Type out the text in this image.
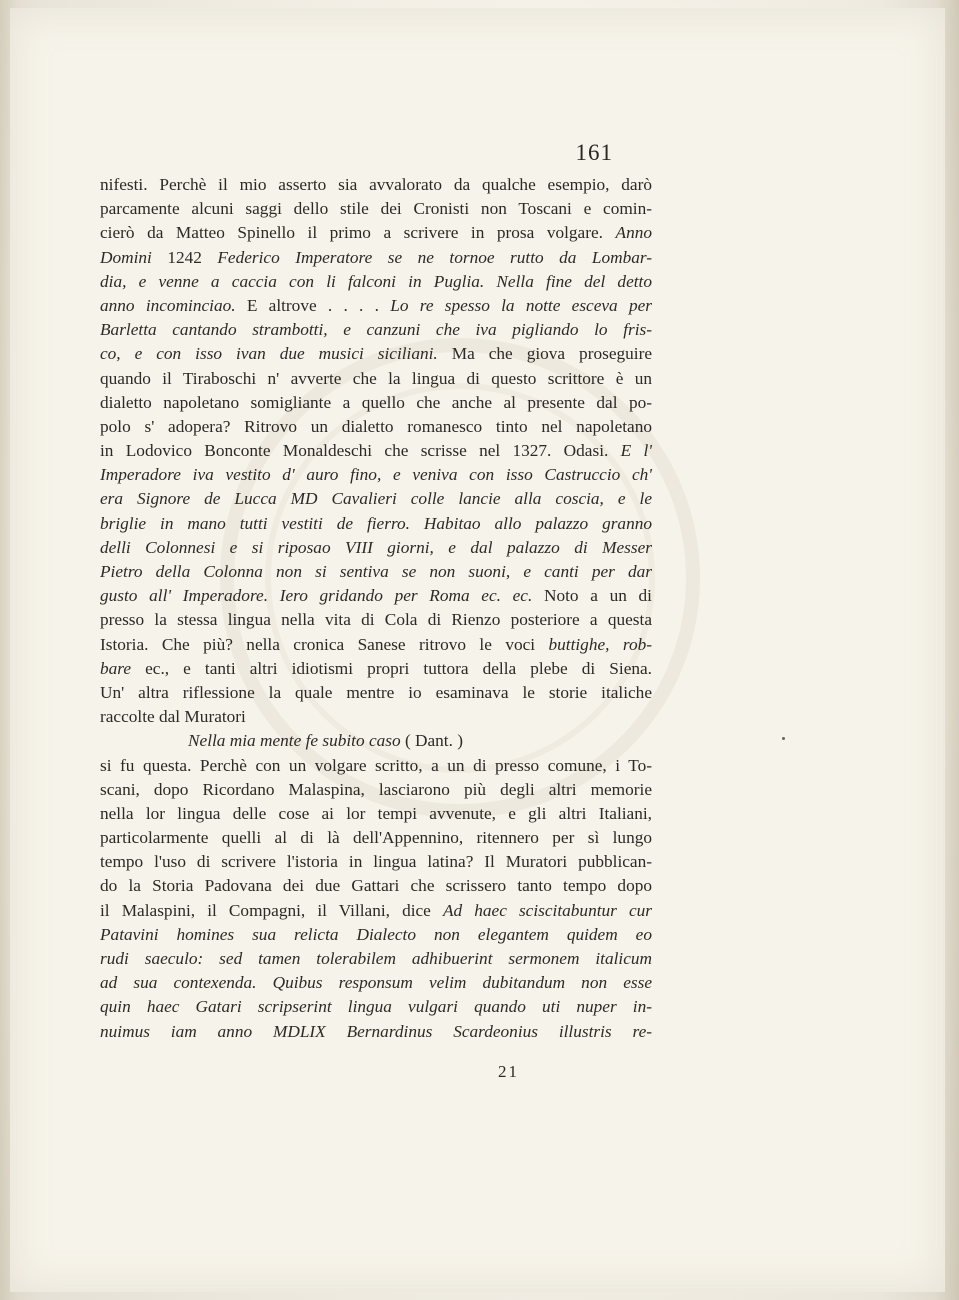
161
nifesti. Perchè il mio asserto sia avvalorato da qualche esempio, darò
parcamente alcuni saggi dello stile dei Cronisti non Toscani e comin-
cierò da Matteo Spinello il primo a scrivere in prosa volgare. Anno
Domini 1242 Federico Imperatore se ne tornoe rutto da Lombar-
dia, e venne a caccia con li falconi in Puglia. Nella fine del detto
anno incominciao. E altrove . . . . Lo re spesso la notte esceva per
Barletta cantando strambotti, e canzuni che iva pigliando lo fris-
co, e con isso ivan due musici siciliani. Ma che giova proseguire
quando il Tiraboschi n' avverte che la lingua di questo scrittore è un
dialetto napoletano somigliante a quello che anche al presente dal po-
polo s' adopera? Ritrovo un dialetto romanesco tinto nel napoletano
in Lodovico Bonconte Monaldeschi che scrisse nel 1327. Odasi. E l'
Imperadore iva vestito d' auro fino, e veniva con isso Castruccio ch'
era Signore de Lucca MD Cavalieri colle lancie alla coscia, e le
briglie in mano tutti vestiti de fierro. Habitao allo palazzo granno
delli Colonnesi e si riposao VIII giorni, e dal palazzo di Messer
Pietro della Colonna non si sentiva se non suoni, e canti per dar
gusto all' Imperadore. Iero gridando per Roma ec. ec. Noto a un di
presso la stessa lingua nella vita di Cola di Rienzo posteriore a questa
Istoria. Che più? nella cronica Sanese ritrovo le voci buttighe, rob-
bare ec., e tanti altri idiotismi propri tuttora della plebe di Siena.
Un' altra riflessione la quale mentre io esaminava le storie italiche
raccolte dal Muratori
Nella mia mente fe subito caso ( Dant. )
si fu questa. Perchè con un volgare scritto, a un di presso comune, i To-
scani, dopo Ricordano Malaspina, lasciarono più degli altri memorie
nella lor lingua delle cose ai lor tempi avvenute, e gli altri Italiani,
particolarmente quelli al di là dell'Appennino, ritennero per sì lungo
tempo l'uso di scrivere l'istoria in lingua latina? Il Muratori pubblican-
do la Storia Padovana dei due Gattari che scrissero tanto tempo dopo
il Malaspini, il Compagni, il Villani, dice Ad haec sciscitabuntur cur
Patavini homines sua relicta Dialecto non elegantem quidem eo
rudi saeculo: sed tamen tolerabilem adhibuerint sermonem italicum
ad sua contexenda. Quibus responsum velim dubitandum non esse
quin haec Gatari scripserint lingua vulgari quando uti nuper in-
nuimus iam anno MDLIX Bernardinus Scardeonius illustris re-
21
